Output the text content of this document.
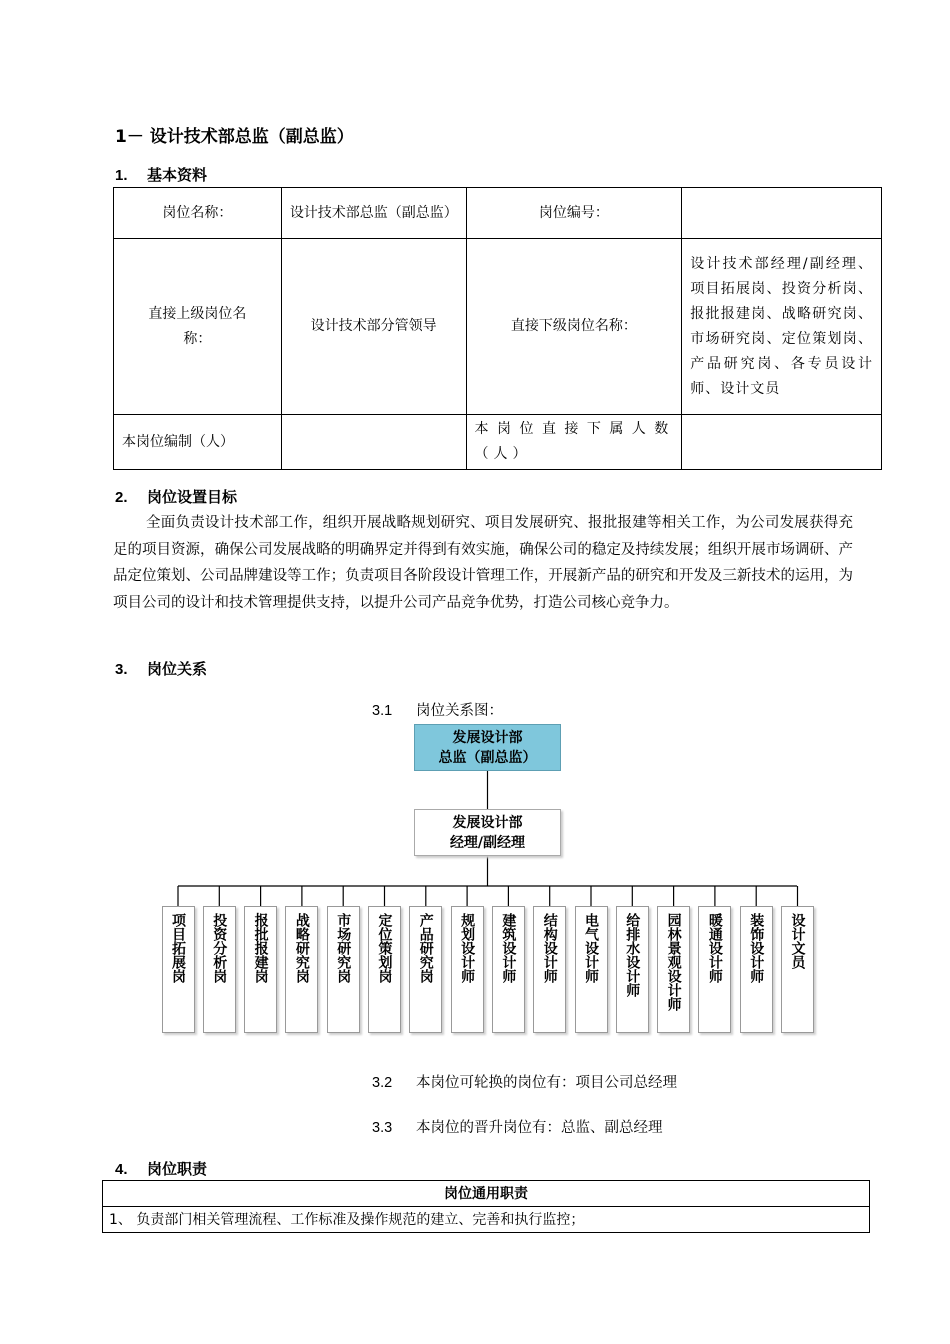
1－ 设计技术部总监（副总监）
1. 基本资料
岗位名称：	设计技术部总监（副总监）	岗位编号：	
直接上级岗位名称：	设计技术部分管领导	直接下级岗位名称：	设计技术部经理/副经理、项目拓展岗、投资分析岗、报批报建岗、战略研究岗、市场研究岗、定位策划岗、产品研究岗、各专员设计师、设计文员
本岗位编制（人）		本岗位直接下属人数（人）	
2. 岗位设置目标
全面负责设计技术部工作，组织开展战略规划研究、项目发展研究、报批报建等相关工作，为公司发展获得充足的项目资源，确保公司发展战略的明确界定并得到有效实施，确保公司的稳定及持续发展；组织开展市场调研、产品定位策划、公司品牌建设等工作；负责项目各阶段设计管理工作，开展新产品的研究和开发及三新技术的运用，为项目公司的设计和技术管理提供支持，以提升公司产品竞争优势，打造公司核心竞争力。
3. 岗位关系
3.1 岗位关系图：
发展设计部
总监（副总监）
发展设计部
经理/副经理
项目拓展岗 投资分析岗 报批报建岗 战略研究岗 市场研究岗 定位策划岗 产品研究岗 规划设计师 建筑设计师 结构设计师 电气设计师 给排水设计师 园林景观设计师 暖通设计师 装饰设计师 设计文员
3.2 本岗位可轮换的岗位有：项目公司总经理
3.3 本岗位的晋升岗位有：总监、副总经理
4. 岗位职责
岗位通用职责
1、 负责部门相关管理流程、工作标准及操作规范的建立、完善和执行监控；
